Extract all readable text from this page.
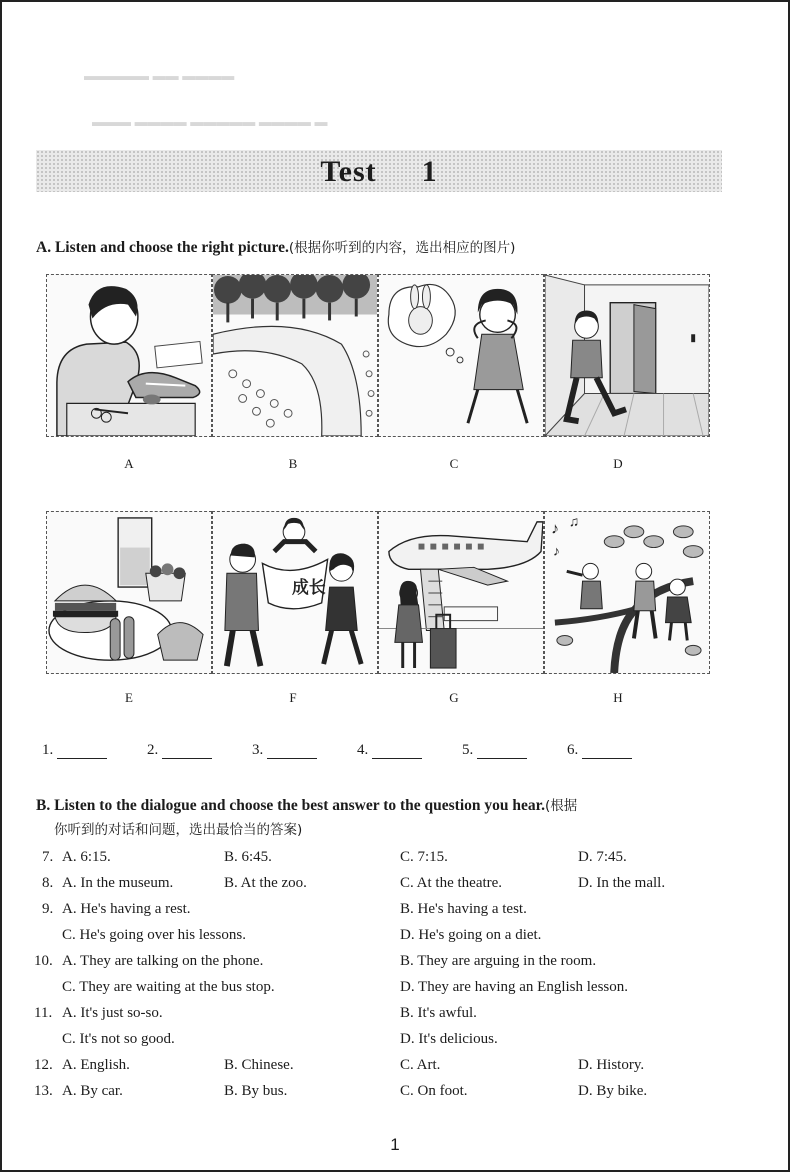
▬▬▬▬▬ ▬▬ ▬▬▬▬
▬▬▬ ▬▬▬▬ ▬▬▬▬▬ ▬▬▬▬ ▬
Test 1
A. Listen and choose the right picture.(根据你听到的内容，选出相应的图片)
A	B	C	D
成长
♪ ♫
♪
E	F	G	H
1.	2.	3.	4.	5.	6.
B. Listen to the dialogue and choose the best answer to the question you hear.(根据
你听到的对话和问题，选出最恰当的答案)
7. A. 6:15.	B. 6:45.	C. 7:15.	D. 7:45.
8. A. In the museum.	B. At the zoo.	C. At the theatre.	D. In the mall.
9. A. He's having a rest.	B. He's having a test.
C. He's going over his lessons.	D. He's going on a diet.
10. A. They are talking on the phone.	B. They are arguing in the room.
C. They are waiting at the bus stop.	D. They are having an English lesson.
11. A. It's just so-so.	B. It's awful.
C. It's not so good.	D. It's delicious.
12. A. English.	B. Chinese.	C. Art.	D. History.
13. A. By car.	B. By bus.	C. On foot.	D. By bike.
1
